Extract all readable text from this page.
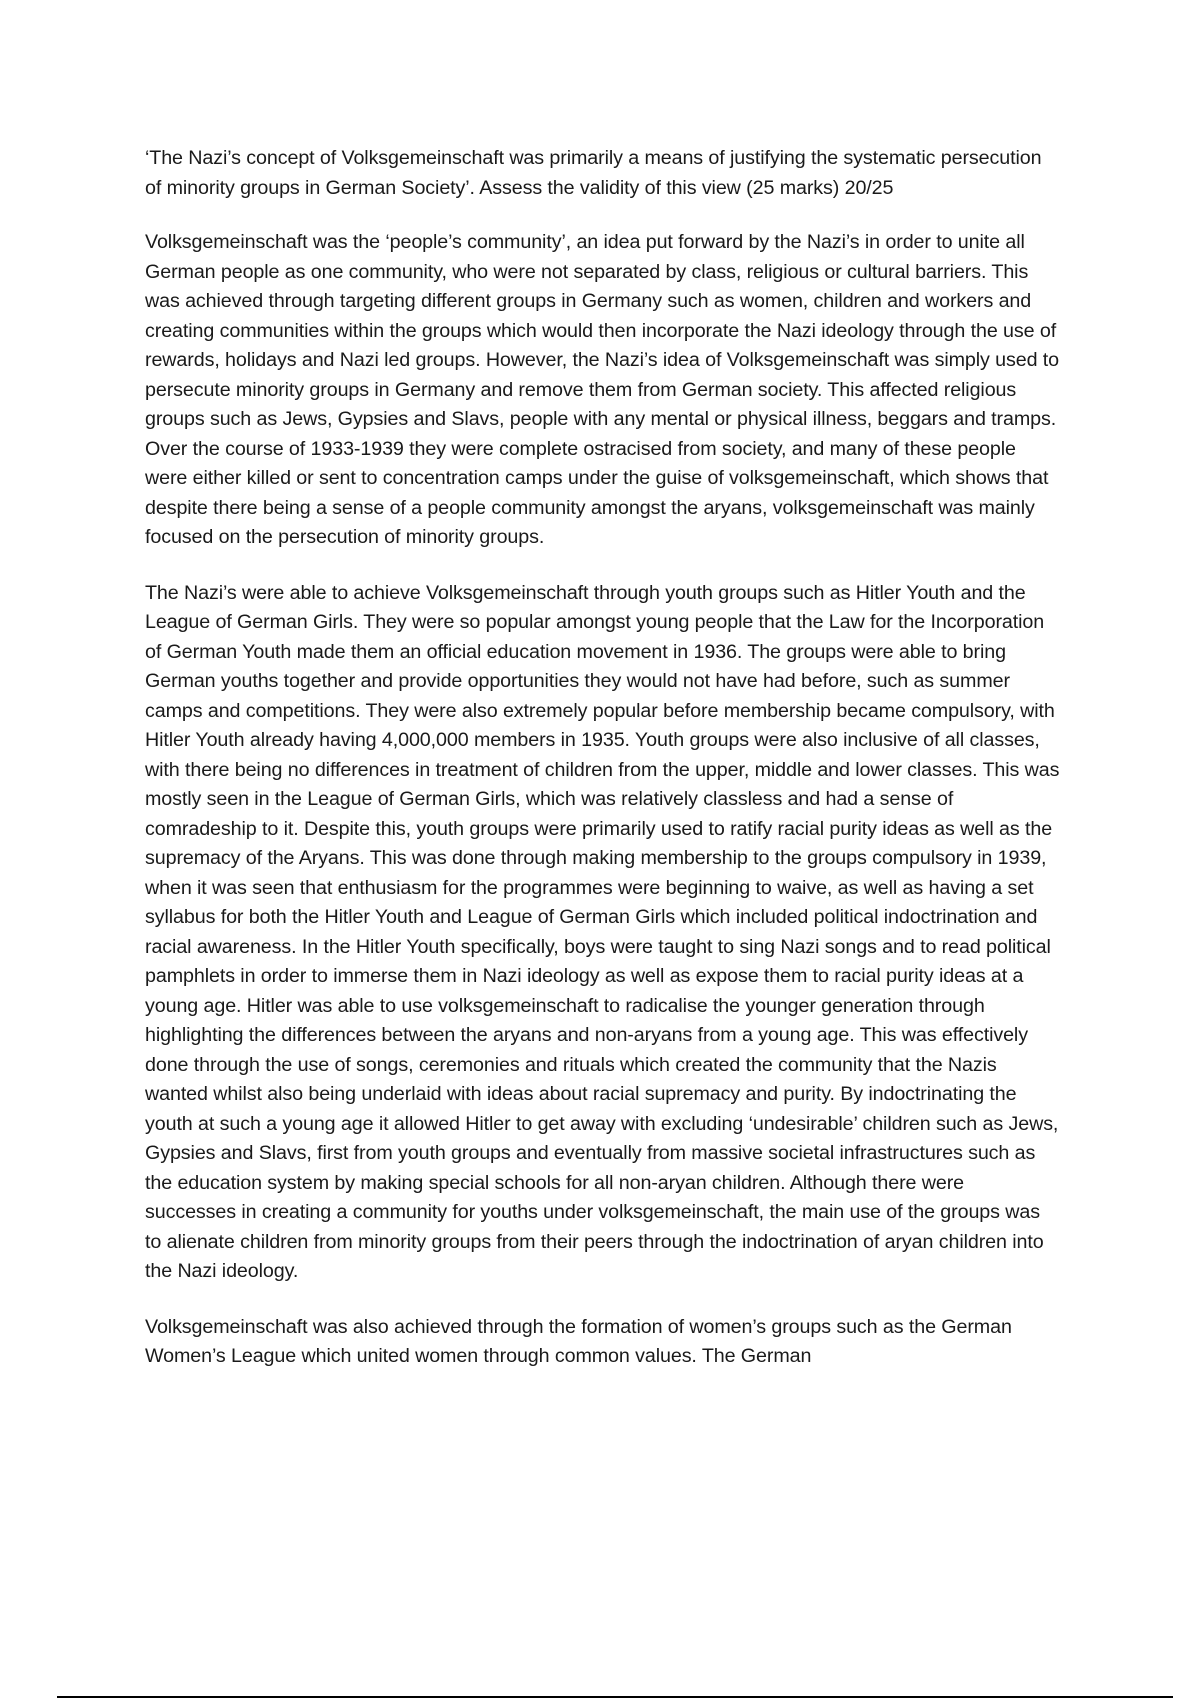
‘The Nazi’s concept of Volksgemeinschaft was primarily a means of justifying the systematic persecution of minority groups in German Society’. Assess the validity of this view (25 marks) 20/25

Volksgemeinschaft was the ‘people’s community’, an idea put forward by the Nazi’s in order to unite all German people as one community, who were not separated by class, religious or cultural barriers. This was achieved through targeting different groups in Germany such as women, children and workers and creating communities within the groups which would then incorporate the Nazi ideology through the use of rewards, holidays and Nazi led groups. However, the Nazi’s idea of Volksgemeinschaft was simply used to persecute minority groups in Germany and remove them from German society. This affected religious groups such as Jews, Gypsies and Slavs, people with any mental or physical illness, beggars and tramps. Over the course of 1933-1939 they were complete ostracised from society, and many of these people were either killed or sent to concentration camps under the guise of volksgemeinschaft, which shows that despite there being a sense of a people community amongst the aryans, volksgemeinschaft was mainly focused on the persecution of minority groups.

The Nazi’s were able to achieve Volksgemeinschaft through youth groups such as Hitler Youth and the League of German Girls. They were so popular amongst young people that the Law for the Incorporation of German Youth made them an official education movement in 1936. The groups were able to bring German youths together and provide opportunities they would not have had before, such as summer camps and competitions. They were also extremely popular before membership became compulsory, with Hitler Youth already having 4,000,000 members in 1935. Youth groups were also inclusive of all classes, with there being no differences in treatment of children from the upper, middle and lower classes. This was mostly seen in the League of German Girls, which was relatively classless and had a sense of comradeship to it. Despite this, youth groups were primarily used to ratify racial purity ideas as well as the supremacy of the Aryans. This was done through making membership to the groups compulsory in 1939, when it was seen that enthusiasm for the programmes were beginning to waive, as well as having a set syllabus for both the Hitler Youth and League of German Girls which included political indoctrination and racial awareness. In the Hitler Youth specifically, boys were taught to sing Nazi songs and to read political pamphlets in order to immerse them in Nazi ideology as well as expose them to racial purity ideas at a young age. Hitler was able to use volksgemeinschaft to radicalise the younger generation through highlighting the differences between the aryans and non-aryans from a young age. This was effectively done through the use of songs, ceremonies and rituals which created the community that the Nazis wanted whilst also being underlaid with ideas about racial supremacy and purity. By indoctrinating the youth at such a young age it allowed Hitler to get away with excluding ‘undesirable’ children such as Jews, Gypsies and Slavs, first from youth groups and eventually from massive societal infrastructures such as the education system by making special schools for all non-aryan children. Although there were successes in creating a community for youths under volksgemeinschaft, the main use of the groups was to alienate children from minority groups from their peers through the indoctrination of aryan children into the Nazi ideology.

Volksgemeinschaft was also achieved through the formation of women’s groups such as the German Women’s League which united women through common values. The German
